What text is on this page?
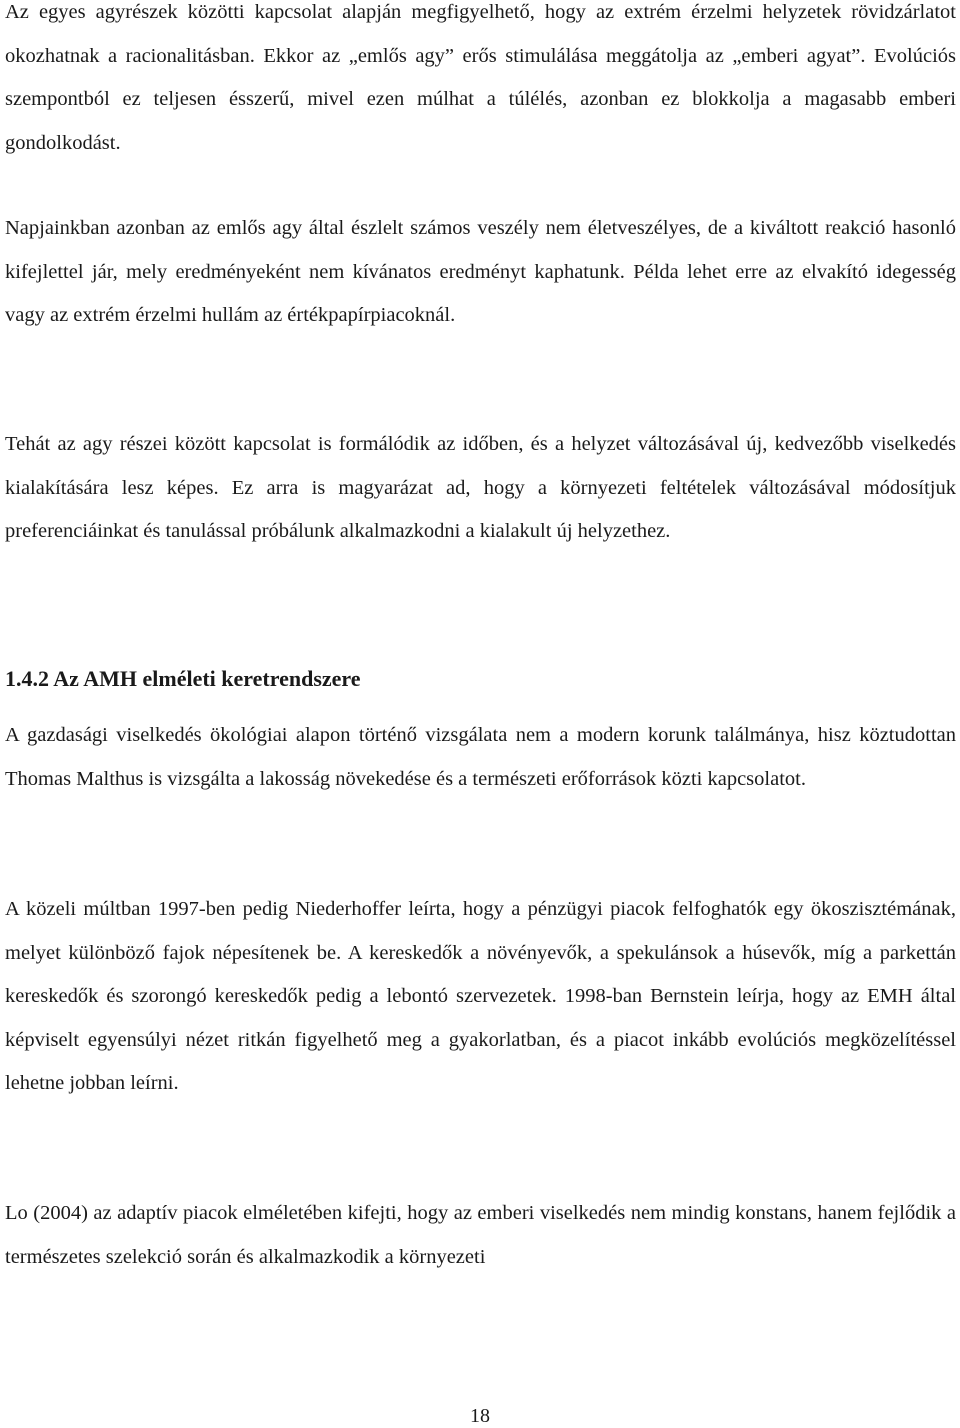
Az egyes agyrészek közötti kapcsolat alapján megfigyelhető, hogy az extrém érzelmi helyzetek rövidzárlatot okozhatnak a racionalitásban. Ekkor az „emlős agy” erős stimulálása meggátolja az „emberi agyat”. Evolúciós szempontból ez teljesen ésszerű, mivel ezen múlhat a túlélés, azonban ez blokkolja a magasabb emberi gondolkodást.

Napjainkban azonban az emlős agy által észlelt számos veszély nem életveszélyes, de a kiváltott reakció hasonló kifejlettel jár, mely eredményeként nem kívánatos eredményt kaphatunk. Példa lehet erre az elvakító idegesség vagy az extrém érzelmi hullám az értékpapírpiacoknál.

Tehát az agy részei között kapcsolat is formálódik az időben, és a helyzet változásával új, kedvezőbb viselkedés kialakítására lesz képes. Ez arra is magyarázat ad, hogy a környezeti feltételek változásával módosítjuk preferenciáinkat és tanulással próbálunk alkalmazkodni a kialakult új helyzethez.

1.4.2 Az AMH elméleti keretrendszere

A gazdasági viselkedés ökológiai alapon történő vizsgálata nem a modern korunk találmánya, hisz köztudottan Thomas Malthus is vizsgálta a lakosság növekedése és a természeti erőforrások közti kapcsolatot.

A közeli múltban 1997-ben pedig Niederhoffer leírta, hogy a pénzügyi piacok felfoghatók egy ökoszisztémának, melyet különböző fajok népesítenek be. A kereskedők a növényevők, a spekulánsok a húsevők, míg a parkettán kereskedők és szorongó kereskedők pedig a lebontó szervezetek. 1998-ban Bernstein leírja, hogy az EMH által képviselt egyensúlyi nézet ritkán figyelhető meg a gyakorlatban, és a piacot inkább evolúciós megközelítéssel lehetne jobban leírni.

Lo (2004) az adaptív piacok elméletében kifejti, hogy az emberi viselkedés nem mindig konstans, hanem fejlődik a természetes szelekció során és alkalmazkodik a környezeti

18
